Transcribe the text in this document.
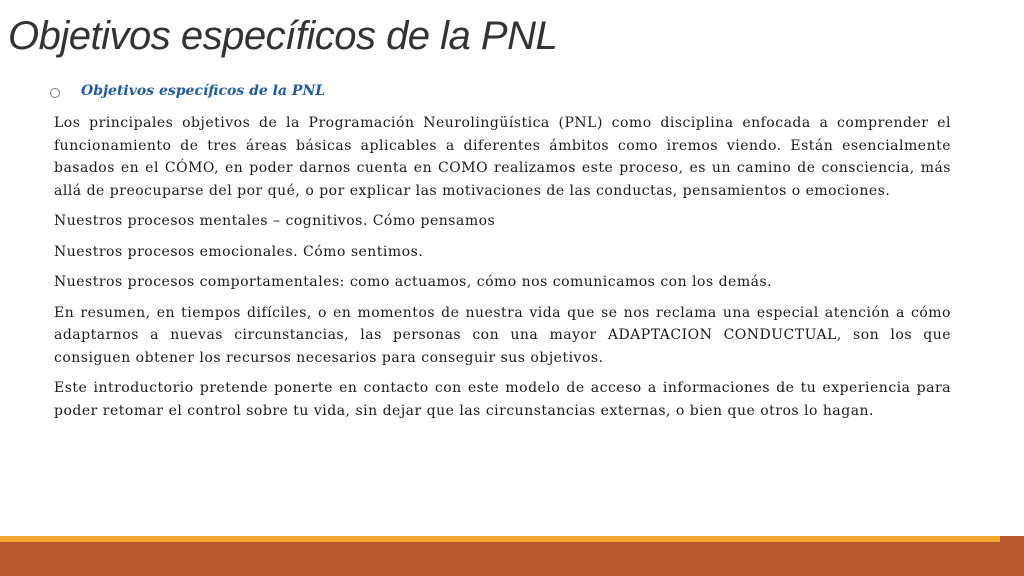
Objetivos específicos de la PNL
Objetivos específicos de la PNL

Los principales objetivos de la Programación Neurolingüística (PNL) como disciplina enfocada a comprender el funcionamiento de tres áreas básicas aplicables a diferentes ámbitos como iremos viendo. Están esencialmente basados en el CÓMO, en poder darnos cuenta en COMO realizamos este proceso, es un camino de consciencia, más allá de preocuparse del por qué, o por explicar las motivaciones de las conductas, pensamientos o emociones.

Nuestros procesos mentales – cognitivos. Cómo pensamos

Nuestros procesos emocionales. Cómo sentimos.

Nuestros procesos comportamentales: como actuamos, cómo nos comunicamos con los demás.

En resumen, en tiempos difíciles, o en momentos de nuestra vida que se nos reclama una especial atención a cómo adaptarnos a nuevas circunstancias, las personas con una mayor ADAPTACION CONDUCTUAL, son los que consiguen obtener los recursos necesarios para conseguir sus objetivos.

Este introductorio pretende ponerte en contacto con este modelo de acceso a informaciones de tu experiencia para poder retomar el control sobre tu vida, sin dejar que las circunstancias externas, o bien que otros lo hagan.
